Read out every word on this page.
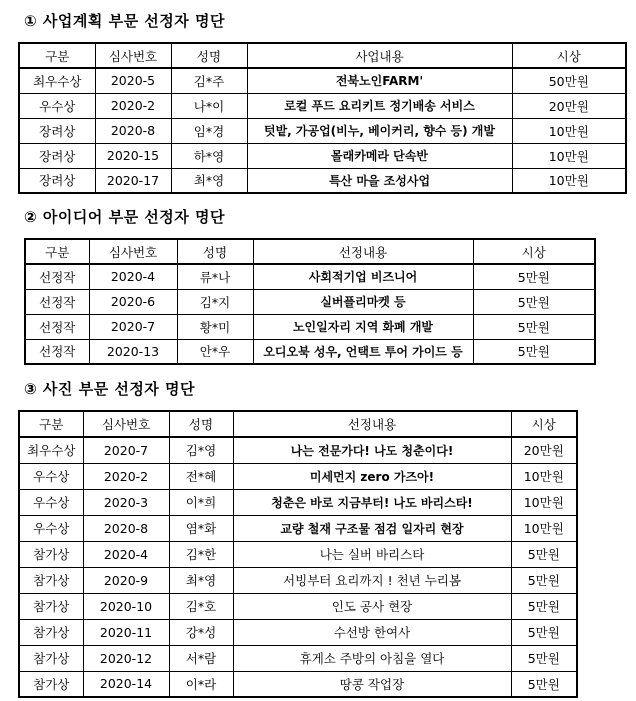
① 사업계획 부문 선정자 명단
구분	심사번호	성명	사업내용	시상
최우수상	2020-5	김*주	전북노인FARM'	50만원
우수상	2020-2	나*이	로컬 푸드 요리키트 정기배송 서비스	20만원
장려상	2020-8	임*경	텃밭, 가공업(비누, 베이커리, 향수 등) 개발	10만원
장려상	2020-15	하*영	몰래카메라 단속반	10만원
장려상	2020-17	최*영	특산 마을 조성사업	10만원
② 아이디어 부문 선정자 명단
구분	심사번호	성명	선정내용	시상
선정작	2020-4	류*나	사회적기업 비즈니어	5만원
선정작	2020-6	김*지	실버플리마켓 등	5만원
선정작	2020-7	황*미	노인일자리 지역 화폐 개발	5만원
선정작	2020-13	안*우	오디오북 성우, 언택트 투어 가이드 등	5만원
③ 사진 부문 선정자 명단
구분	심사번호	성명	선정내용	시상
최우수상	2020-7	김*영	나는 전문가다! 나도 청춘이다!	20만원
우수상	2020-2	전*혜	미세먼지 zero 가즈아!	10만원
우수상	2020-3	이*희	청춘은 바로 지금부터! 나도 바리스타!	10만원
우수상	2020-8	염*화	교량 철재 구조물 점검 일자리 현장	10만원
참가상	2020-4	김*한	나는 실버 바리스타	5만원
참가상	2020-9	최*영	서빙부터 요리까지 ! 천년 누리봄	5만원
참가상	2020-10	김*호	인도 공사 현장	5만원
참가상	2020-11	강*성	수선방 한여사	5만원
참가상	2020-12	서*람	휴게소 주방의 아침을 열다	5만원
참가상	2020-14	이*라	땅콩 작업장	5만원
